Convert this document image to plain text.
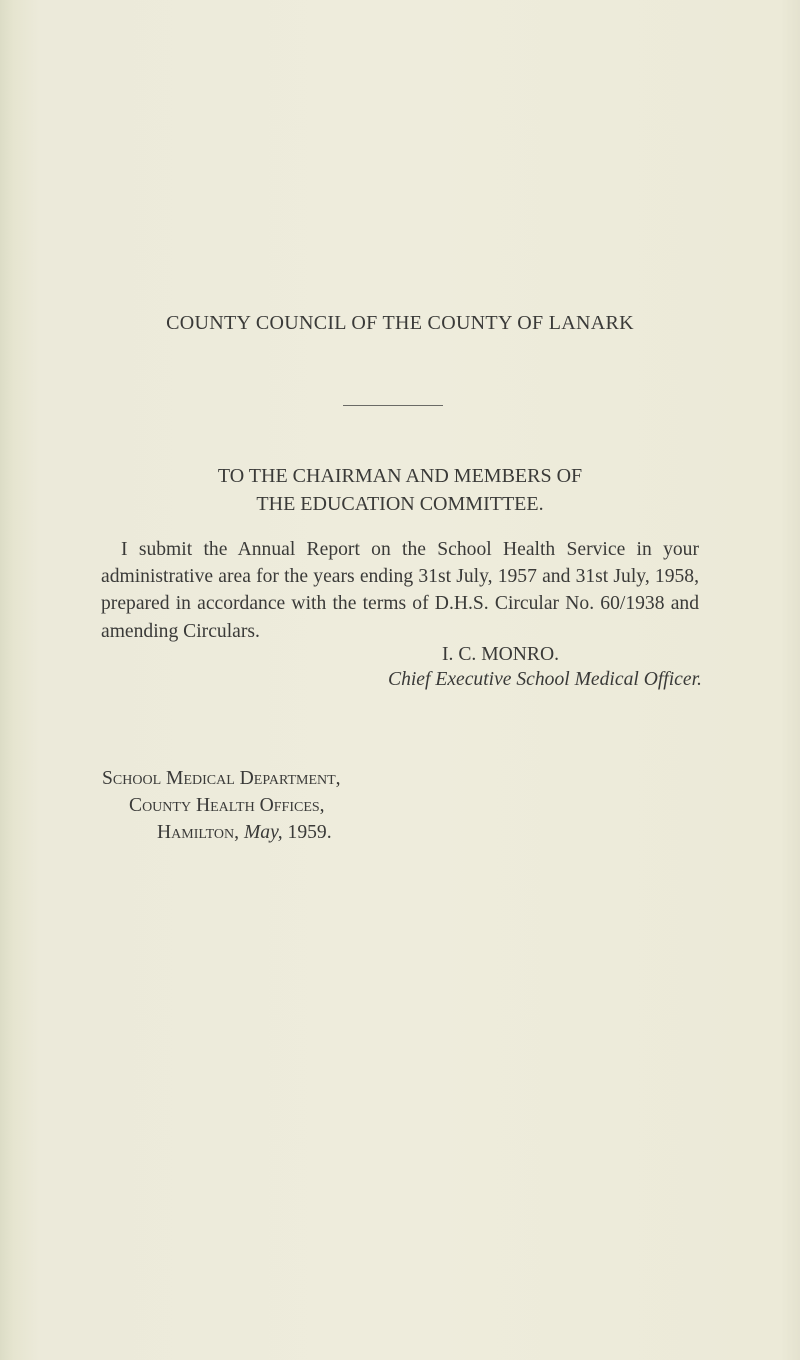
COUNTY COUNCIL OF THE COUNTY OF LANARK
TO THE CHAIRMAN AND MEMBERS OF
THE EDUCATION COMMITTEE.

I submit the Annual Report on the School Health Service in your administrative area for the years ending 31st July, 1957 and 31st July, 1958, prepared in accordance with the terms of D.H.S. Circular No. 60/1938 and amending Circulars.

I. C. MONRO.
Chief Executive School Medical Officer.
School Medical Department,
County Health Offices,
Hamilton, May, 1959.
